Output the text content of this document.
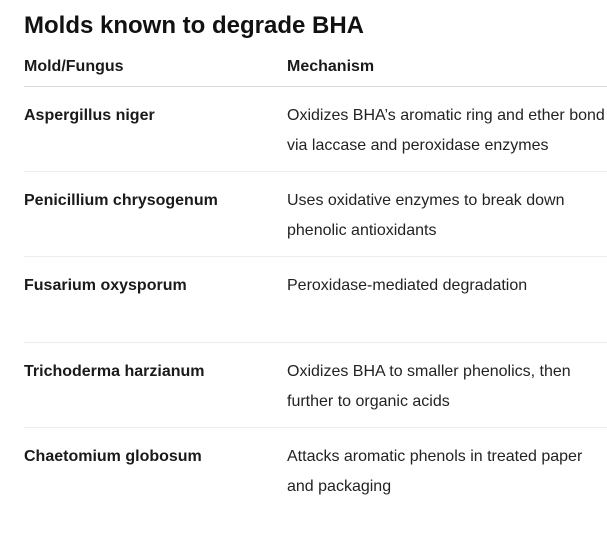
Molds known to degrade BHA
Mold/Fungus	Mechanism
Aspergillus niger	Oxidizes BHA’s aromatic ring and ether bond via laccase and peroxidase enzymes
Penicillium chrysogenum	Uses oxidative enzymes to break down phenolic antioxidants
Fusarium oxysporum	Peroxidase-mediated degradation
Trichoderma harzianum	Oxidizes BHA to smaller phenolics, then further to organic acids
Chaetomium globosum	Attacks aromatic phenols in treated paper and packaging
